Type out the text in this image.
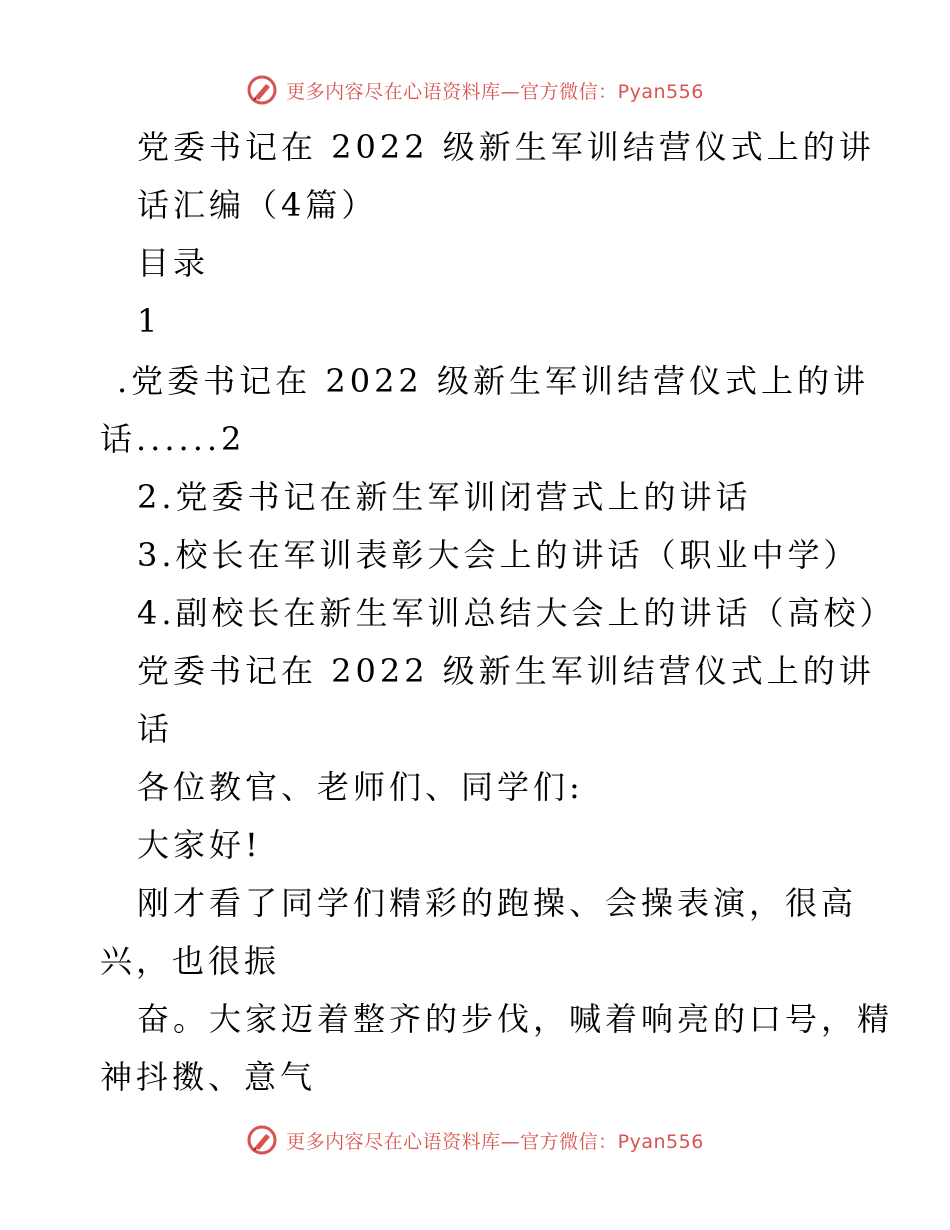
更多内容尽在心语资料库—官方微信：Pyan556
党委书记在 2022 级新生军训结营仪式上的讲
话汇编（4篇）
目录
1
.党委书记在 2022 级新生军训结营仪式上的讲
话......2
2.党委书记在新生军训闭营式上的讲话
3.校长在军训表彰大会上的讲话（职业中学）
4.副校长在新生军训总结大会上的讲话（高校）
党委书记在 2022 级新生军训结营仪式上的讲
话
各位教官、老师们、同学们:
大家好!
刚才看了同学们精彩的跑操、会操表演，很高
兴，也很振
奋。大家迈着整齐的步伐，喊着响亮的口号，精
神抖擞、意气
更多内容尽在心语资料库—官方微信：Pyan556
